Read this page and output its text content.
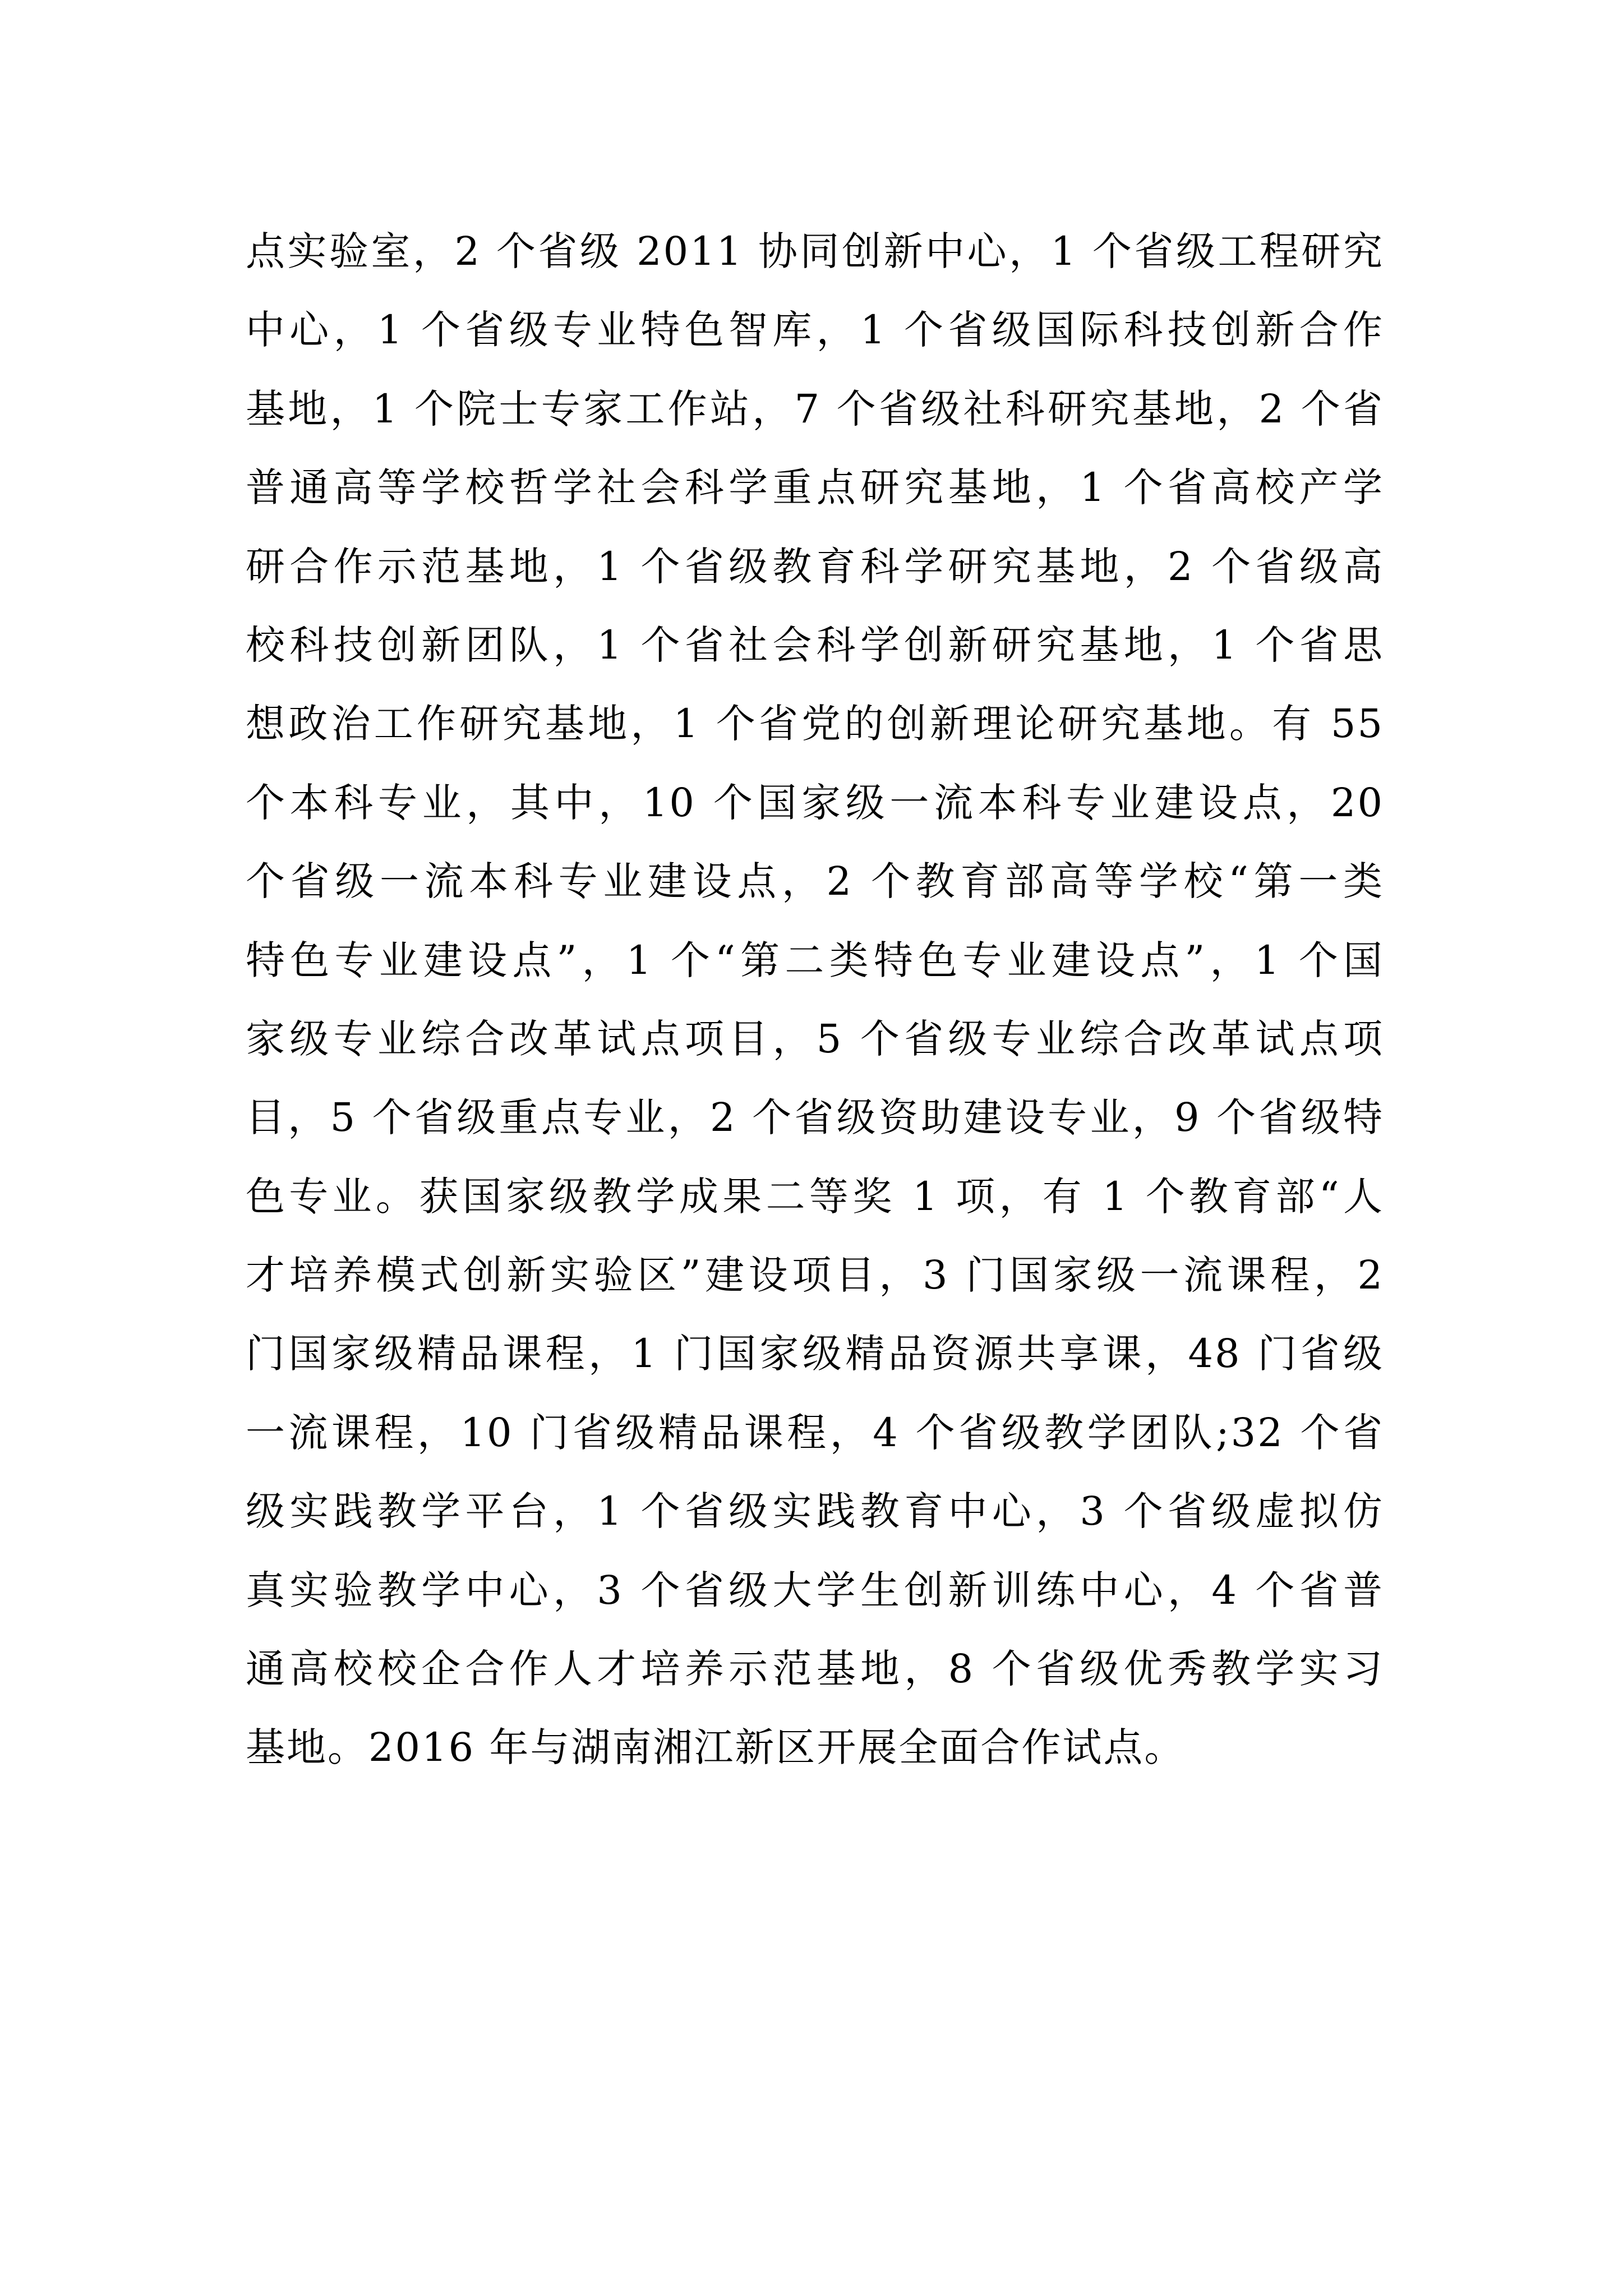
点实验室，2 个省级 2011 协同创新中心，1 个省级工程研究
中心，1 个省级专业特色智库，1 个省级国际科技创新合作
基地，1 个院士专家工作站，7 个省级社科研究基地，2 个省
普通高等学校哲学社会科学重点研究基地，1 个省高校产学
研合作示范基地，1 个省级教育科学研究基地，2 个省级高
校科技创新团队，1 个省社会科学创新研究基地，1 个省思
想政治工作研究基地，1 个省党的创新理论研究基地。有 55
个本科专业，其中，10 个国家级一流本科专业建设点，20
个省级一流本科专业建设点，2 个教育部高等学校“第一类
特色专业建设点”，1 个“第二类特色专业建设点”，1 个国
家级专业综合改革试点项目，5 个省级专业综合改革试点项
目，5 个省级重点专业，2 个省级资助建设专业，9 个省级特
色专业。获国家级教学成果二等奖 1 项，有 1 个教育部“人
才培养模式创新实验区”建设项目，3 门国家级一流课程，2
门国家级精品课程，1 门国家级精品资源共享课，48 门省级
一流课程，10 门省级精品课程，4 个省级教学团队;32 个省
级实践教学平台，1 个省级实践教育中心，3 个省级虚拟仿
真实验教学中心，3 个省级大学生创新训练中心，4 个省普
通高校校企合作人才培养示范基地，8 个省级优秀教学实习
基地。2016 年与湖南湘江新区开展全面合作试点。
